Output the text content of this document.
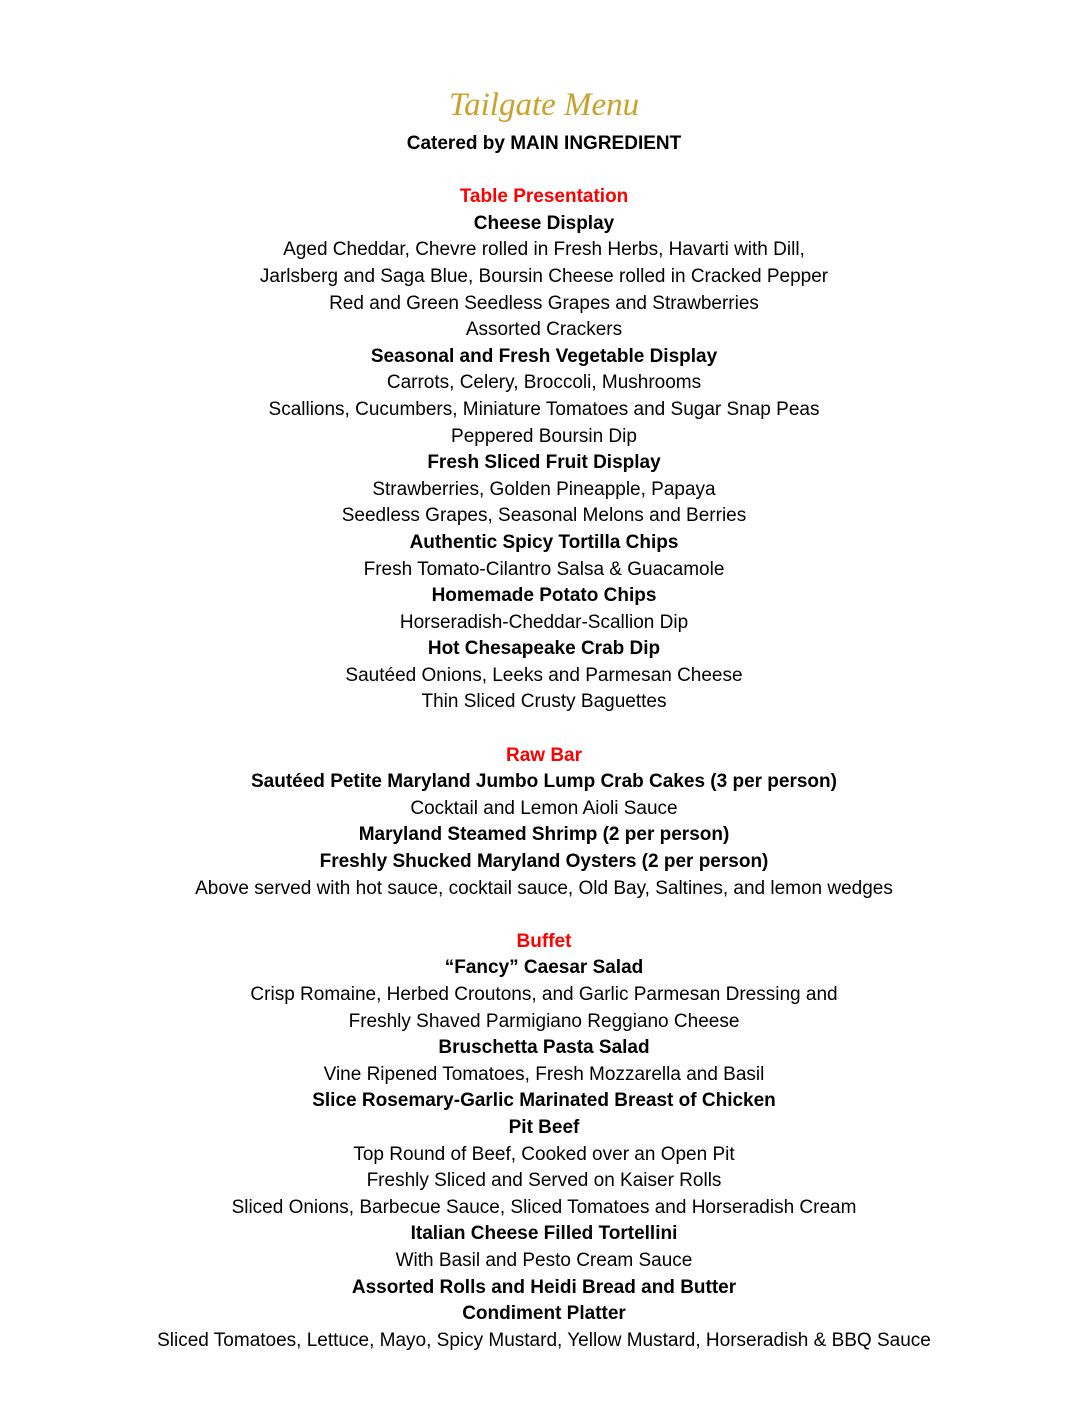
Tailgate Menu

Catered by MAIN INGREDIENT

Table Presentation

Cheese Display

Aged Cheddar, Chevre rolled in Fresh Herbs, Havarti with Dill,

Jarlsberg and Saga Blue, Boursin Cheese rolled in Cracked Pepper

Red and Green Seedless Grapes and Strawberries

Assorted Crackers

Seasonal and Fresh Vegetable Display

Carrots, Celery, Broccoli, Mushrooms

Scallions, Cucumbers, Miniature Tomatoes and Sugar Snap Peas

Peppered Boursin Dip

Fresh Sliced Fruit Display

Strawberries, Golden Pineapple, Papaya

Seedless Grapes, Seasonal Melons and Berries

Authentic Spicy Tortilla Chips

Fresh Tomato-Cilantro Salsa & Guacamole

Homemade Potato Chips

Horseradish-Cheddar-Scallion Dip

Hot Chesapeake Crab Dip

Sautéed Onions, Leeks and Parmesan Cheese

Thin Sliced Crusty Baguettes

Raw Bar

Sautéed Petite Maryland Jumbo Lump Crab Cakes (3 per person)

Cocktail and Lemon Aioli Sauce

Maryland Steamed Shrimp (2 per person)

Freshly Shucked Maryland Oysters (2 per person)

Above served with hot sauce, cocktail sauce, Old Bay, Saltines, and lemon wedges

Buffet

“Fancy” Caesar Salad

Crisp Romaine, Herbed Croutons, and Garlic Parmesan Dressing and

Freshly Shaved Parmigiano Reggiano Cheese

Bruschetta Pasta Salad

Vine Ripened Tomatoes, Fresh Mozzarella and Basil

Slice Rosemary-Garlic Marinated Breast of Chicken

Pit Beef

Top Round of Beef, Cooked over an Open Pit

Freshly Sliced and Served on Kaiser Rolls

Sliced Onions, Barbecue Sauce, Sliced Tomatoes and Horseradish Cream

Italian Cheese Filled Tortellini

With Basil and Pesto Cream Sauce

Assorted Rolls and Heidi Bread and Butter

Condiment Platter

Sliced Tomatoes, Lettuce, Mayo, Spicy Mustard, Yellow Mustard, Horseradish & BBQ Sauce
